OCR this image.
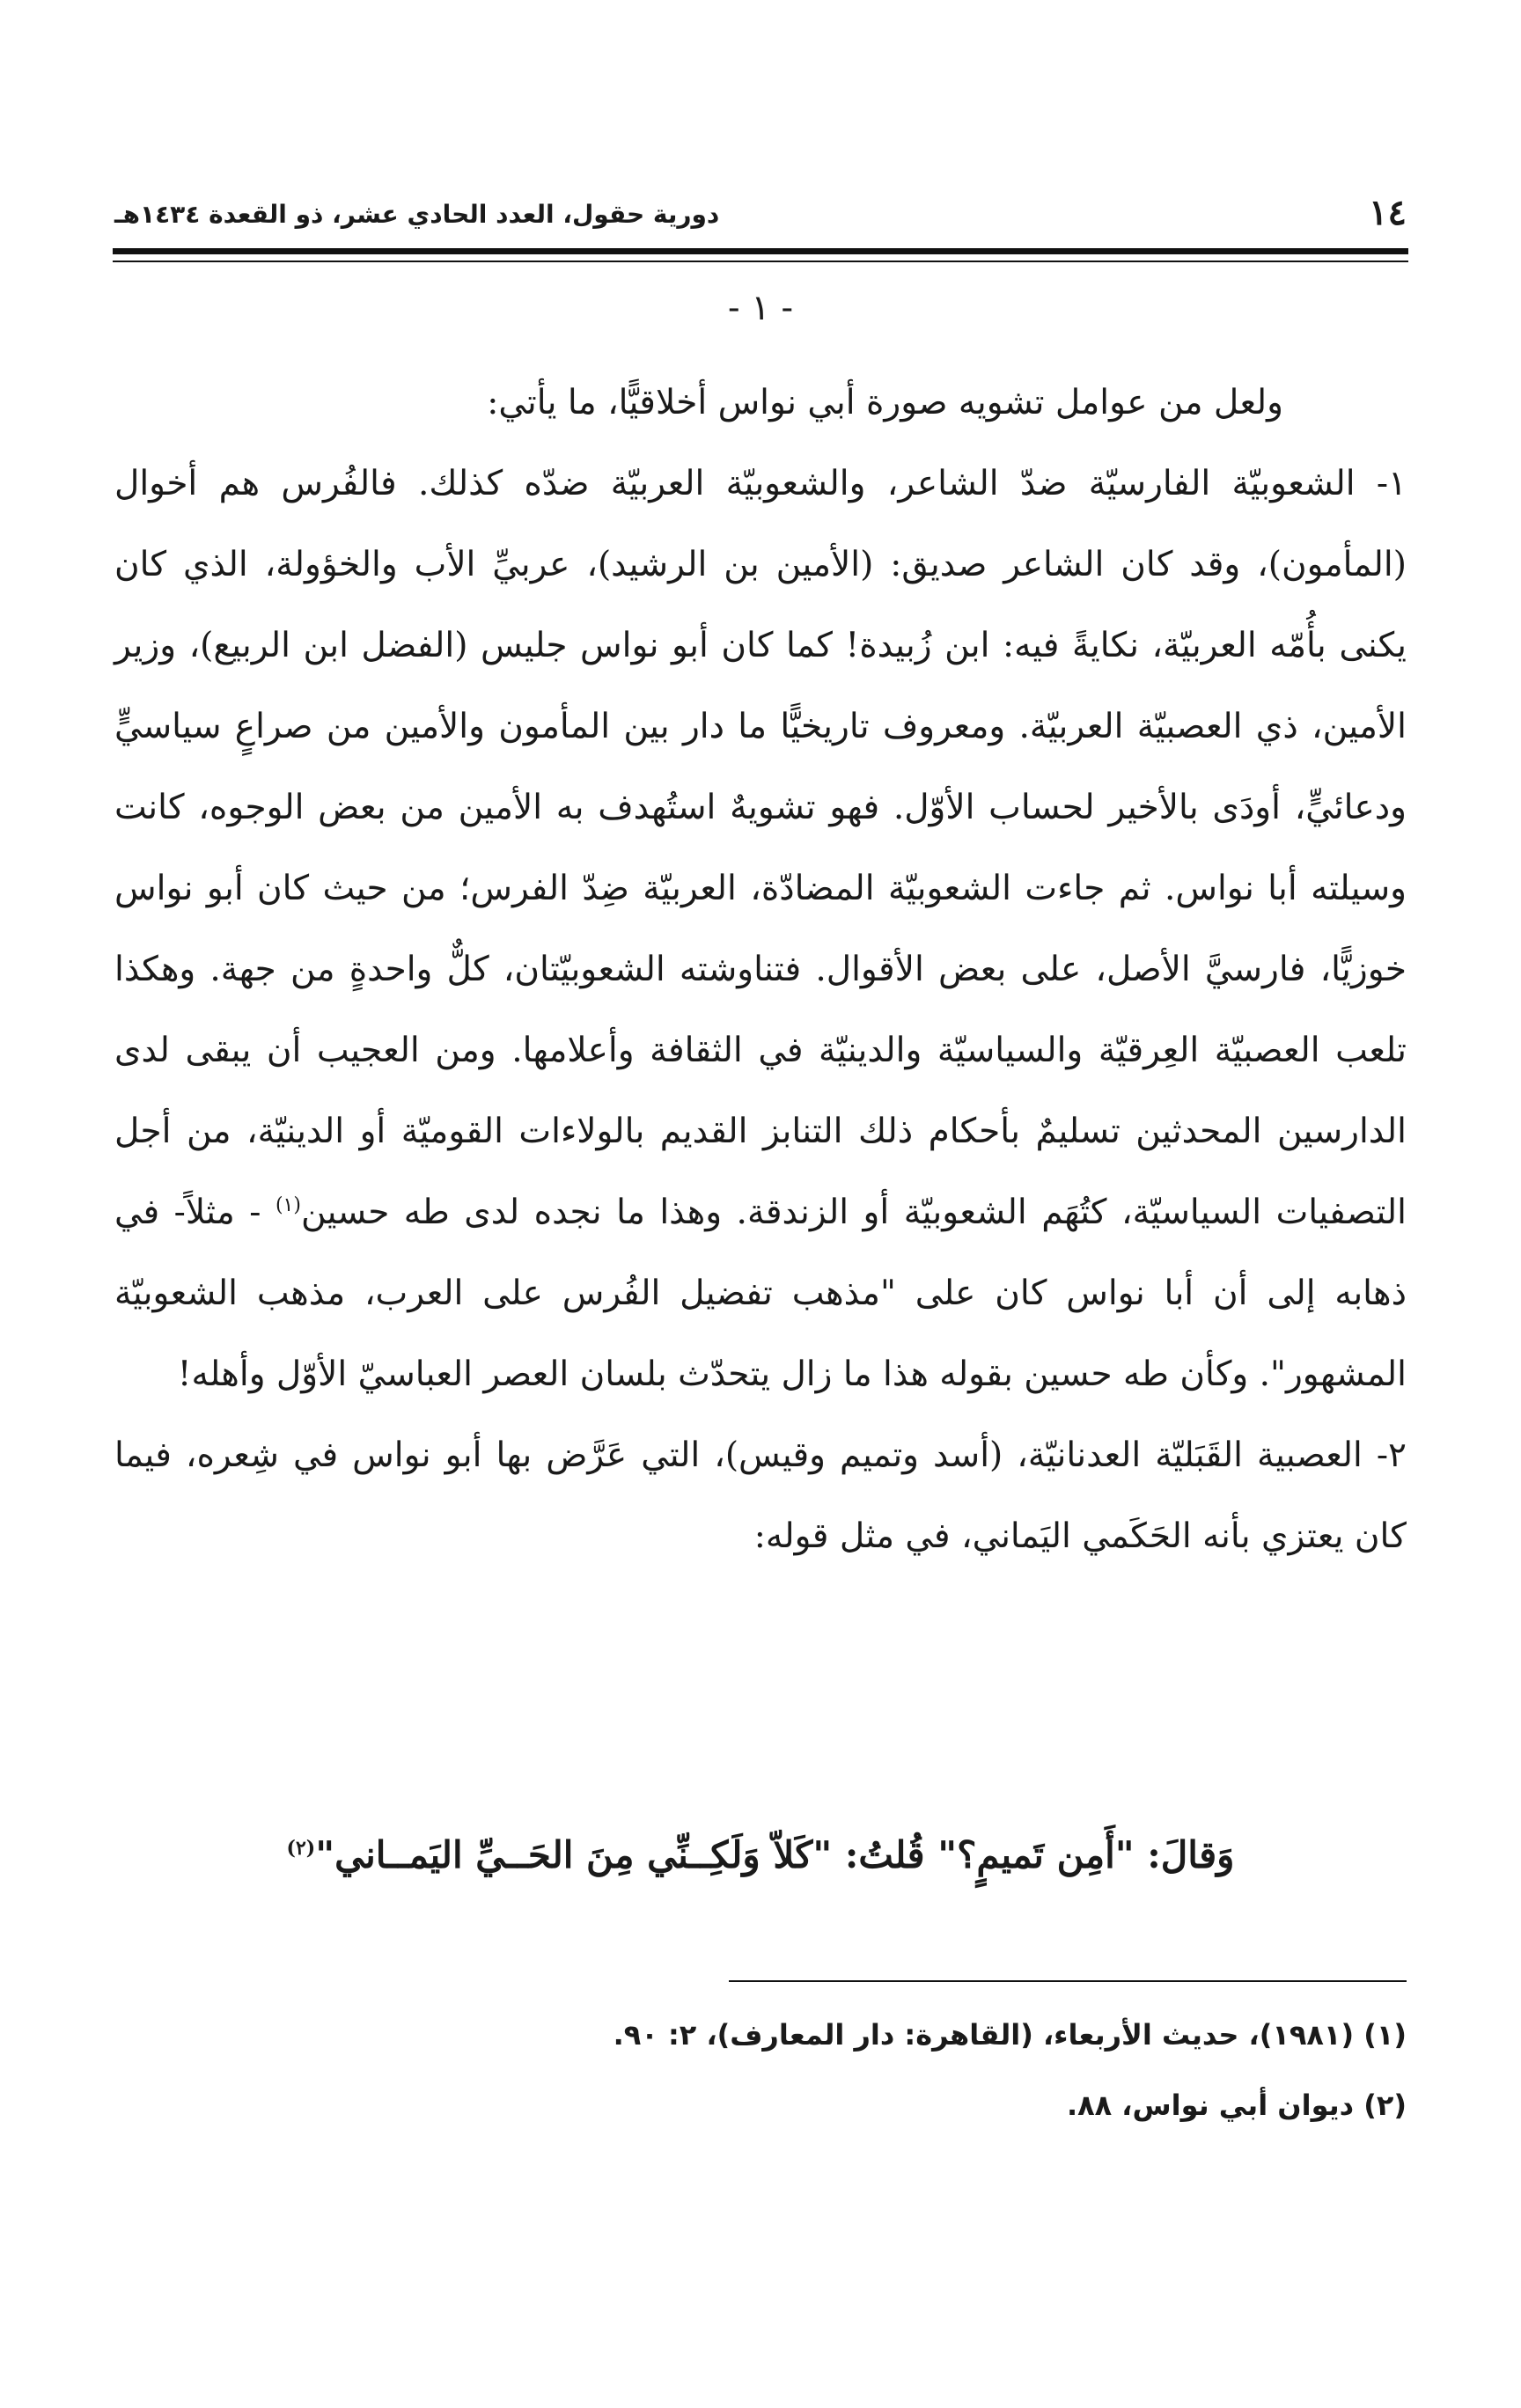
١٤
دورية حقول، العدد الحادي عشر، ذو القعدة ١٤٣٤هـ
- ١ -

ولعل من عوامل تشويه صورة أبي نواس أخلاقيًّا، ما يأتي:

١- الشعوبيّة الفارسيّة ضدّ الشاعر، والشعوبيّة العربيّة ضدّه كذلك. فالفُرس هم أخوال (المأمون)، وقد كان الشاعر صديق: (الأمين بن الرشيد)، عربيِّ الأب والخؤولة، الذي كان يكنى بأُمّه العربيّة، نكايةً فيه: ابن زُبيدة! كما كان أبو نواس جليس (الفضل ابن الربيع)، وزير الأمين، ذي العصبيّة العربيّة. ومعروف تاريخيًّا ما دار بين المأمون والأمين من صراعٍ سياسيٍّ ودعائيٍّ، أودَى بالأخير لحساب الأوّل. فهو تشويهٌ استُهدف به الأمين من بعض الوجوه، كانت وسيلته أبا نواس. ثم جاءت الشعوبيّة المضادّة، العربيّة ضِدّ الفرس؛ من حيث كان أبو نواس خوزيًّا، فارسيَّ الأصل، على بعض الأقوال. فتناوشته الشعوبيّتان، كلٌّ واحدةٍ من جهة. وهكذا تلعب العصبيّة العِرقيّة والسياسيّة والدينيّة في الثقافة وأعلامها. ومن العجيب أن يبقى لدى الدارسين المحدثين تسليمٌ بأحكام ذلك التنابز القديم بالولاءات القوميّة أو الدينيّة، من أجل التصفيات السياسيّة، كتُهَم الشعوبيّة أو الزندقة. وهذا ما نجده لدى طه حسين$^{(١)}$ - مثلاً- في ذهابه إلى أن أبا نواس كان على "مذهب تفضيل الفُرس على العرب، مذهب الشعوبيّة المشهور". وكأن طه حسين بقوله هذا ما زال يتحدّث بلسان العصر العباسيّ الأوّل وأهله!

٢- العصبية القَبَليّة العدنانيّة، (أسد وتميم وقيس)، التي عَرَّض بها أبو نواس في شِعره، فيما كان يعتزي بأنه الحَكَمي اليَماني، في مثل قوله:

وَقالَ: "أَمِن تَميمٍ؟" قُلتُ: "كَلاّ وَلَكِــنِّي مِنَ الحَــيِّ اليَمــاني"$^{(٢)}$

(١) (١٩٨١)، حديث الأربعاء، (القاهرة: دار المعارف)، ٢: ٩٠.

(٢) ديوان أبي نواس، ٨٨.
